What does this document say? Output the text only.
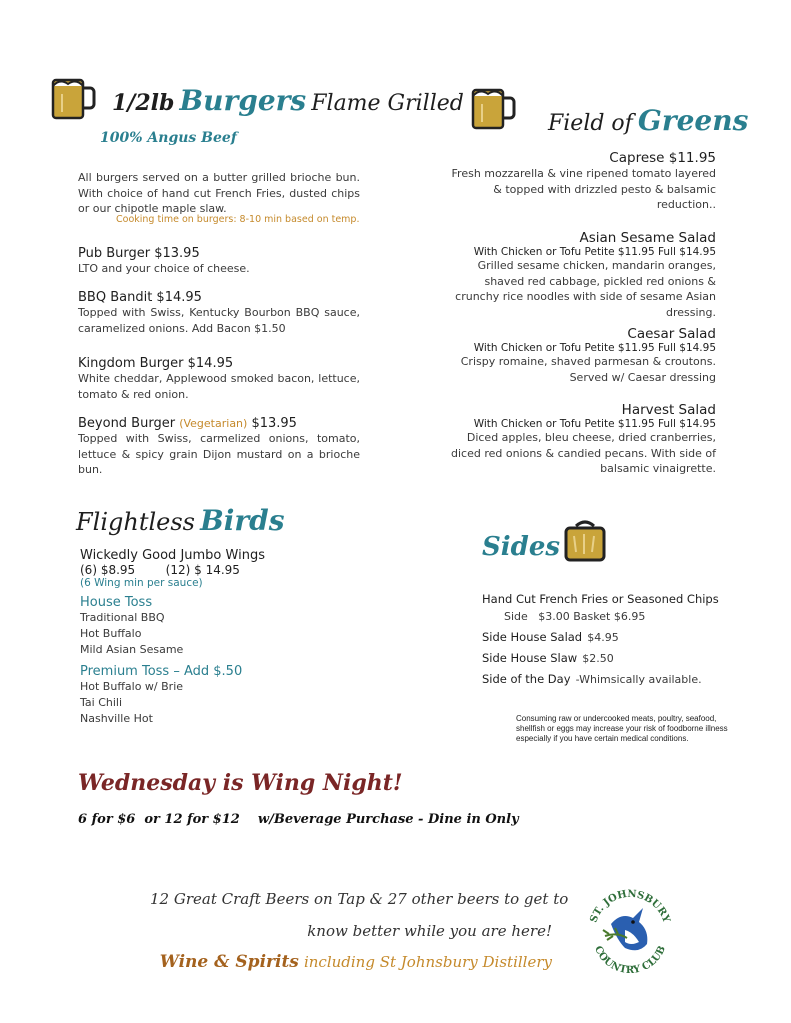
1/2lb Burgers Flame Grilled
100% Angus Beef
All burgers served on a butter grilled brioche bun. With choice of hand cut French Fries, dusted chips or our chipotle maple slaw.
Cooking time on burgers: 8-10 min based on temp.
Pub Burger $13.95
LTO and your choice of cheese.
BBQ Bandit $14.95
Topped with Swiss, Kentucky Bourbon BBQ sauce, caramelized onions. Add Bacon $1.50
Kingdom Burger $14.95
White cheddar, Applewood smoked bacon, lettuce, tomato & red onion.
Beyond Burger (Vegetarian) $13.95
Topped with Swiss, carmelized onions, tomato, lettuce & spicy grain Dijon mustard on a brioche bun.
Field of Greens
Caprese $11.95
Fresh mozzarella & vine ripened tomato layered & topped with drizzled pesto & balsamic reduction..
Asian Sesame Salad
With Chicken or Tofu Petite $11.95 Full $14.95
Grilled sesame chicken, mandarin oranges, shaved red cabbage, pickled red onions & crunchy rice noodles with side of sesame Asian dressing.
Caesar Salad
With Chicken or Tofu Petite $11.95 Full $14.95
Crispy romaine, shaved parmesan & croutons. Served w/ Caesar dressing
Harvest Salad
With Chicken or Tofu Petite $11.95 Full $14.95
Diced apples, bleu cheese, dried cranberries, diced red onions & candied pecans. With side of balsamic vinaigrette.
Flightless Birds
Wickedly Good Jumbo Wings
(6) $8.95        (12) $ 14.95
(6 Wing min per sauce)
House Toss
Traditional BBQ
Hot Buffalo
Mild Asian Sesame
Premium Toss – Add $.50
Hot Buffalo w/ Brie
Tai Chili
Nashville Hot
Sides
Hand Cut French Fries or Seasoned Chips
Side   $3.00 Basket $6.95
Side House Salad $4.95
Side House Slaw $2.50
Side of the Day -Whimsically available.
Consuming raw or undercooked meats, poultry, seafood, shellfish or eggs may increase your risk of foodborne illness especially if you have certain medical conditions.
Wednesday is Wing Night!
6 for $6  or 12 for $12    w/Beverage Purchase - Dine in Only
12 Great Craft Beers on Tap & 27 other beers to get to
know better while you are here!
Wine & Spirits including St Johnsbury Distillery
ST. JOHNSBURY
COUNTRY CLUB
